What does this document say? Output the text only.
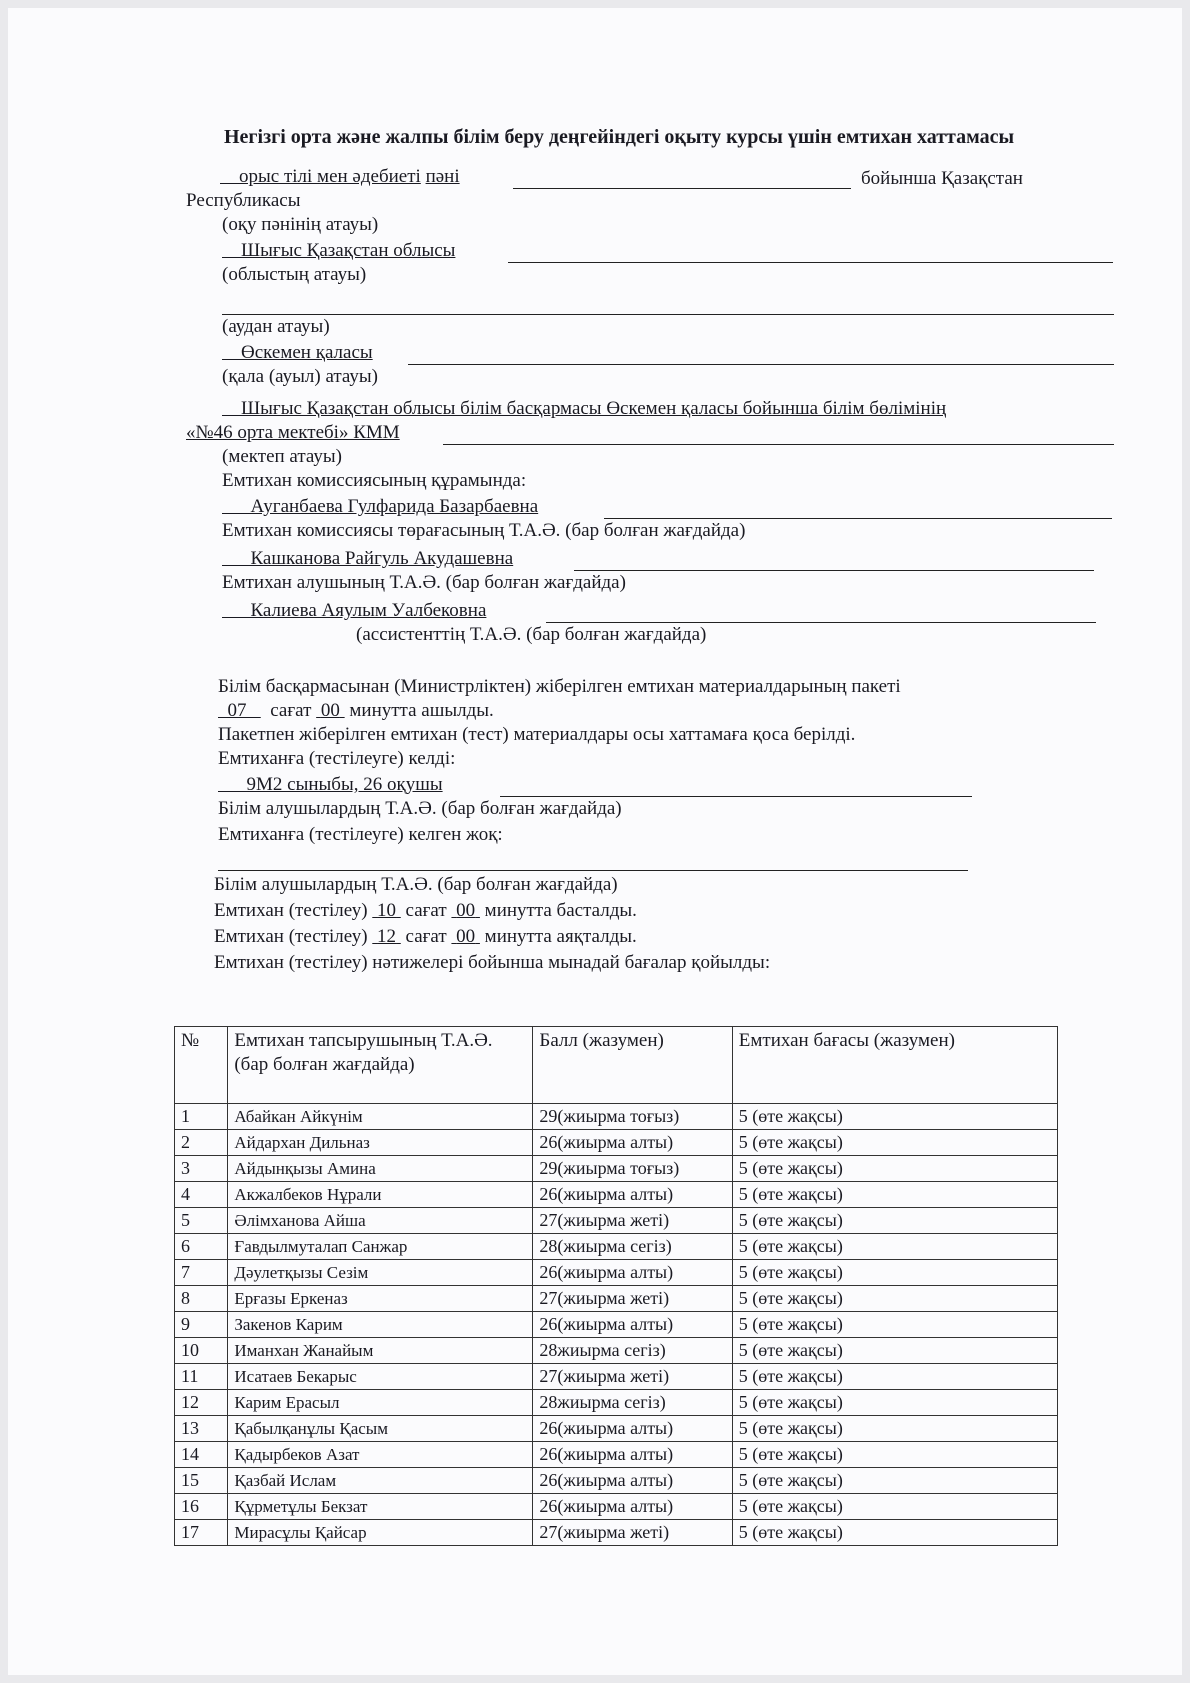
Негізгі орта және жалпы білім беру деңгейіндегі оқыту курсы үшін емтихан хаттамасы
орыс тілі мен әдебиеті пәні	бойынша Қазақстан
Республикасы
(оқу пәнінің атауы)
Шығыс Қазақстан облысы
(облыстың атауы)
(аудан атауы)
Өскемен қаласы
(қала (ауыл) атауы)
Шығыс Қазақстан облысы білім басқармасы Өскемен қаласы бойынша білім бөлімінің
«№46 орта мектебі» КММ
(мектеп атауы)
Емтихан комиссиясының құрамында:
Ауганбаева Гулфарида Базарбаевна
Емтихан комиссиясы төрағасының Т.А.Ә. (бар болған жағдайда)
Кашканова Райгуль Акудашевна
Емтихан алушының Т.А.Ә. (бар болған жағдайда)
Калиева Аяулым Уалбековна
(ассистенттің Т.А.Ә. (бар болған жағдайда)
Білім басқармасынан (Министрліктен) жіберілген емтихан материалдарының пакеті
07 сағат 00 минутта ашылды.
Пакетпен жіберілген емтихан (тест) материалдары осы хаттамаға қоса берілді.
Емтиханға (тестілеуге) келді:
9М2 сыныбы, 26 оқушы
Білім алушылардың Т.А.Ә. (бар болған жағдайда)
Емтиханға (тестілеуге) келген жоқ:
Білім алушылардың Т.А.Ә. (бар болған жағдайда)
Емтихан (тестілеу) 10 сағат 00 минутта басталды.
Емтихан (тестілеу) 12 сағат 00 минутта аяқталды.
Емтихан (тестілеу) нәтижелері бойынша мынадай бағалар қойылды:
№	Емтихан тапсырушының Т.А.Ә. (бар болған жағдайда)	Балл (жазумен)	Емтихан бағасы (жазумен)
1	Абайкан Айкүнім	29(жиырма тоғыз)	5 (өте жақсы)
2	Айдархан Дильназ	26(жиырма алты)	5 (өте жақсы)
3	Айдынқызы Амина	29(жиырма тоғыз)	5 (өте жақсы)
4	Акжалбеков Нұрали	26(жиырма алты)	5 (өте жақсы)
5	Әлімханова Айша	27(жиырма жеті)	5 (өте жақсы)
6	Ғавдылмуталап Санжар	28(жиырма сегіз)	5 (өте жақсы)
7	Дәулетқызы Сезім	26(жиырма алты)	5 (өте жақсы)
8	Ерғазы Еркеназ	27(жиырма жеті)	5 (өте жақсы)
9	Закенов Карим	26(жиырма алты)	5 (өте жақсы)
10	Иманхан Жанайым	28жиырма сегіз)	5 (өте жақсы)
11	Исатаев Бекарыс	27(жиырма жеті)	5 (өте жақсы)
12	Карим Ерасыл	28жиырма сегіз)	5 (өте жақсы)
13	Қабылқанұлы Қасым	26(жиырма алты)	5 (өте жақсы)
14	Қадырбеков Азат	26(жиырма алты)	5 (өте жақсы)
15	Қазбай Ислам	26(жиырма алты)	5 (өте жақсы)
16	Құрметұлы Бекзат	26(жиырма алты)	5 (өте жақсы)
17	Мирасұлы Қайсар	27(жиырма жеті)	5 (өте жақсы)
